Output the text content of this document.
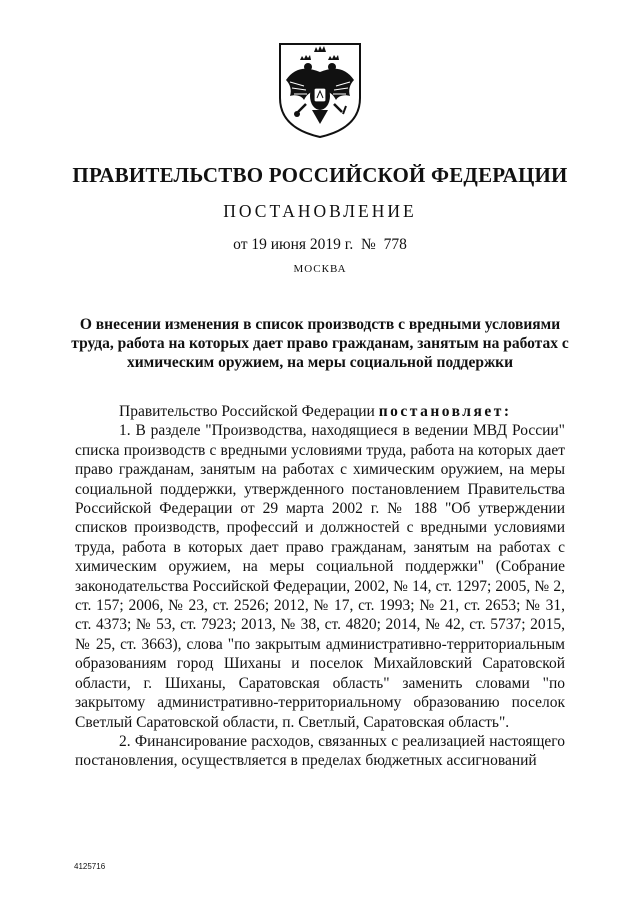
ПРАВИТЕЛЬСТВО РОССИЙСКОЙ ФЕДЕРАЦИИ
ПОСТАНОВЛЕНИЕ
от 19 июня 2019 г. № 778
МОСКВА
О внесении изменения в список производств с вредными условиями труда, работа на которых дает право гражданам, занятым на работах с химическим оружием, на меры социальной поддержки

Правительство Российской Федерации постановляет:

1. В разделе "Производства, находящиеся в ведении МВД России" списка производств с вредными условиями труда, работа на которых дает право гражданам, занятым на работах с химическим оружием, на меры социальной поддержки, утвержденного постановлением Правительства Российской Федерации от 29 марта 2002 г. № 188 "Об утверждении списков производств, профессий и должностей с вредными условиями труда, работа в которых дает право гражданам, занятым на работах с химическим оружием, на меры социальной поддержки" (Собрание законодательства Российской Федерации, 2002, № 14, ст. 1297; 2005, № 2, ст. 157; 2006, № 23, ст. 2526; 2012, № 17, ст. 1993; № 21, ст. 2653; № 31, ст. 4373; № 53, ст. 7923; 2013, № 38, ст. 4820; 2014, № 42, ст. 5737; 2015, № 25, ст. 3663), слова "по закрытым административно-территориальным образованиям город Шиханы и поселок Михайловский Саратовской области, г. Шиханы, Саратовская область" заменить словами "по закрытому административно-территориальному образованию поселок Светлый Саратовской области, п. Светлый, Саратовская область".

2. Финансирование расходов, связанных с реализацией настоящего постановления, осуществляется в пределах бюджетных ассигнований

4125716
